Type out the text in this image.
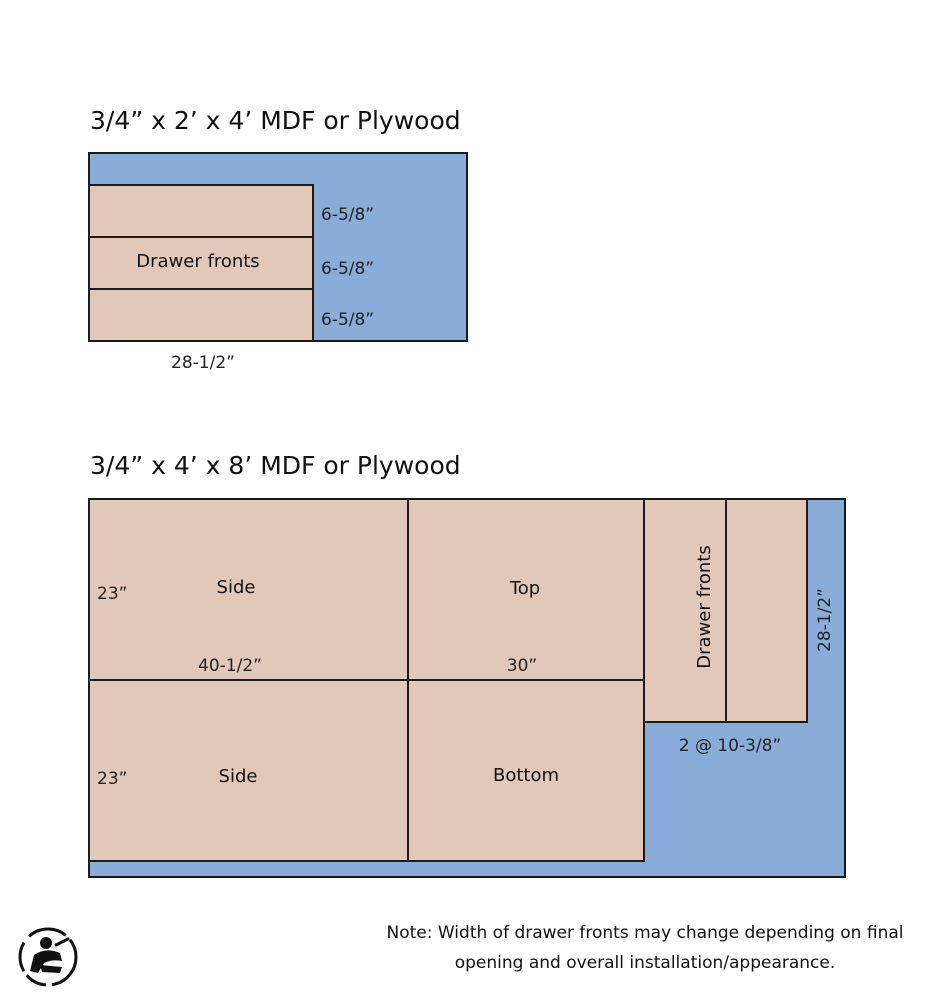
3/4” x 2’ x 4’ MDF or Plywood
3/4” x 4’ x 8’ MDF or Plywood
Drawer fronts
6-5/8”
6-5/8”
6-5/8”
28-1/2”
Side
23”
40-1/2”
Side
23”
Top
30”
Bottom
Drawer fronts	28-1/2”
2 @ 10-3/8”
Note: Width of drawer fronts may change depending on final
opening and overall installation/appearance.
